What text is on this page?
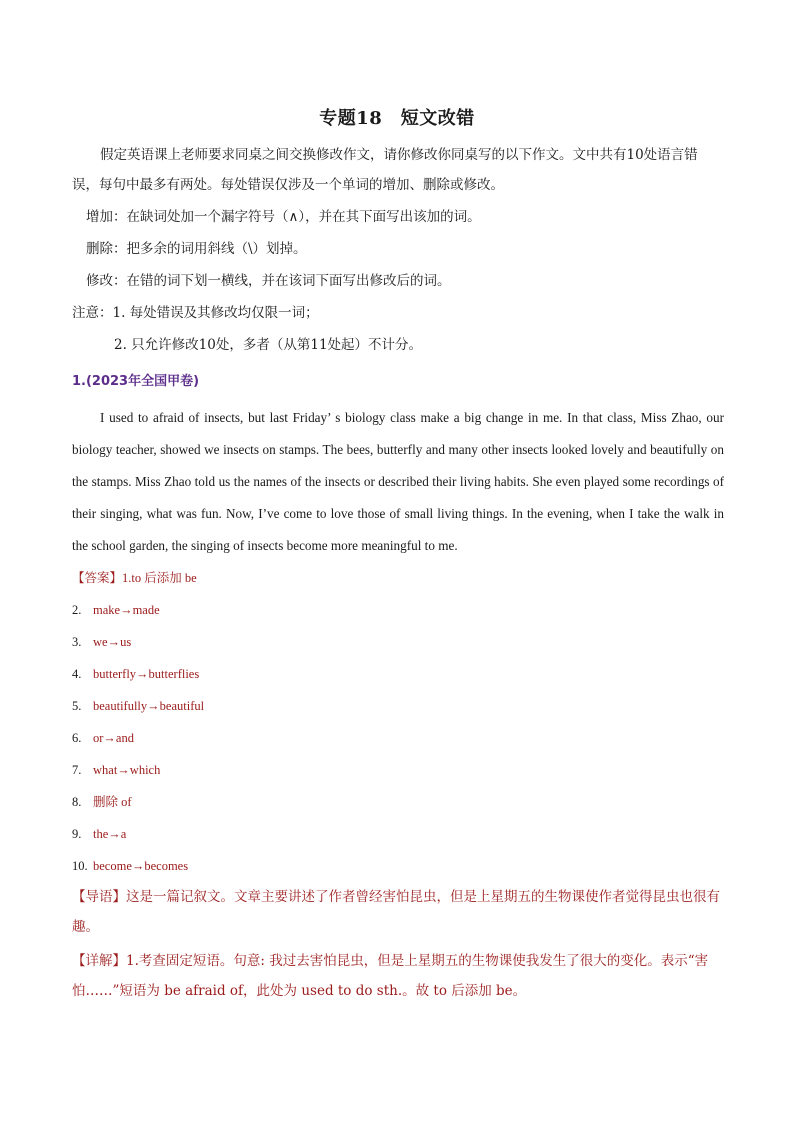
专题18　短文改错

假定英语课上老师要求同桌之间交换修改作文，请你修改你同桌写的以下作文。文中共有10处语言错误，每句中最多有两处。每处错误仅涉及一个单词的增加、删除或修改。

增加：在缺词处加一个漏字符号（∧），并在其下面写出该加的词。
删除：把多余的词用斜线（\）划掉。
修改：在错的词下划一横线，并在该词下面写出修改后的词。
注意：1. 每处错误及其修改均仅限一词；
2. 只允许修改10处，多者（从第11处起）不计分。
1.(2023年全国甲卷)

I used to afraid of insects, but last Friday’ s biology class make a big change in me. In that class, Miss Zhao, our biology teacher, showed we insects on stamps. The bees, butterfly and many other insects looked lovely and beautifully on the stamps. Miss Zhao told us the names of the insects or described their living habits. She even played some recordings of their singing, what was fun. Now, I’ve come to love those of small living things. In the evening, when I take the walk in the school garden, the singing of insects become more meaningful to me.

【答案】1.to 后添加 be
2. make→made
3. we→us
4. butterfly→butterflies
5. beautifully→beautiful
6. or→and
7. what→which
8. 删除 of
9. the→a
10. become→becomes

【导语】这是一篇记叙文。文章主要讲述了作者曾经害怕昆虫，但是上星期五的生物课使作者觉得昆虫也很有趣。

【详解】1.考查固定短语。句意: 我过去害怕昆虫，但是上星期五的生物课使我发生了很大的变化。表示“害怕……”短语为 be afraid of，此处为 used to do sth.。故 to 后添加 be。
